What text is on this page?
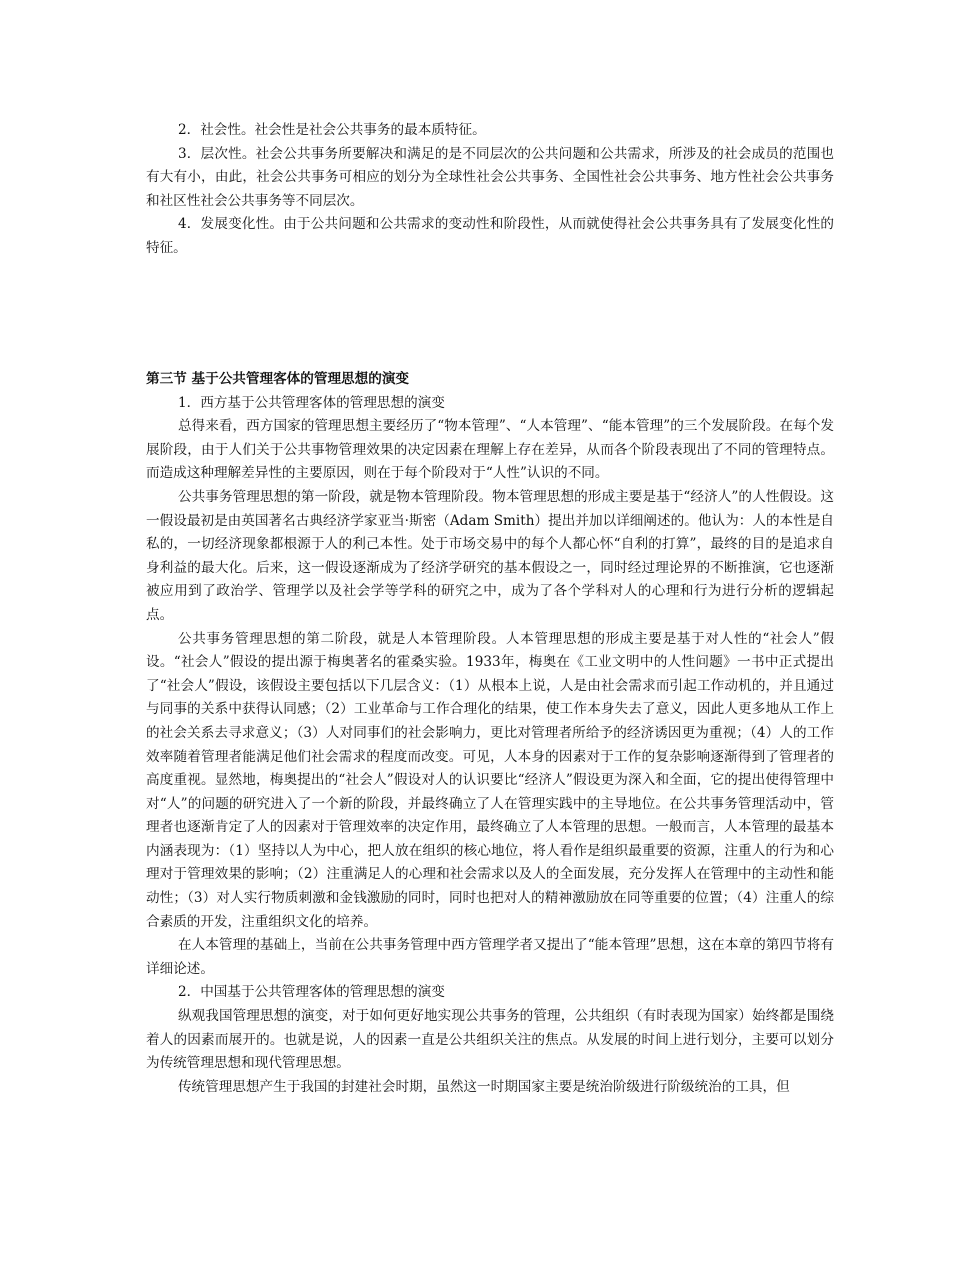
2．社会性。社会性是社会公共事务的最本质特征。

3．层次性。社会公共事务所要解决和满足的是不同层次的公共问题和公共需求，所涉及的社会成员的范围也有大有小，由此，社会公共事务可相应的划分为全球性社会公共事务、全国性社会公共事务、地方性社会公共事务和社区性社会公共事务等不同层次。

4．发展变化性。由于公共问题和公共需求的变动性和阶段性，从而就使得社会公共事务具有了发展变化性的特征。

第三节 基于公共管理客体的管理思想的演变

1．西方基于公共管理客体的管理思想的演变

总得来看，西方国家的管理思想主要经历了“物本管理”、“人本管理”、“能本管理”的三个发展阶段。在每个发展阶段，由于人们关于公共事物管理效果的决定因素在理解上存在差异，从而各个阶段表现出了不同的管理特点。而造成这种理解差异性的主要原因，则在于每个阶段对于“人性”认识的不同。

公共事务管理思想的第一阶段，就是物本管理阶段。物本管理思想的形成主要是基于“经济人”的人性假设。这一假设最初是由英国著名古典经济学家亚当·斯密（Adam Smith）提出并加以详细阐述的。他认为：人的本性是自私的，一切经济现象都根源于人的利己本性。处于市场交易中的每个人都心怀“自利的打算”，最终的目的是追求自身利益的最大化。后来，这一假设逐渐成为了经济学研究的基本假设之一，同时经过理论界的不断推演，它也逐渐被应用到了政治学、管理学以及社会学等学科的研究之中，成为了各个学科对人的心理和行为进行分析的逻辑起点。

公共事务管理思想的第二阶段，就是人本管理阶段。人本管理思想的形成主要是基于对人性的“社会人”假设。“社会人”假设的提出源于梅奥著名的霍桑实验。1933年，梅奥在《工业文明中的人性问题》一书中正式提出了“社会人”假设，该假设主要包括以下几层含义：（1）从根本上说，人是由社会需求而引起工作动机的，并且通过与同事的关系中获得认同感；（2）工业革命与工作合理化的结果，使工作本身失去了意义，因此人更多地从工作上的社会关系去寻求意义；（3）人对同事们的社会影响力，更比对管理者所给予的经济诱因更为重视；（4）人的工作效率随着管理者能满足他们社会需求的程度而改变。可见，人本身的因素对于工作的复杂影响逐渐得到了管理者的高度重视。显然地，梅奥提出的“社会人”假设对人的认识要比“经济人”假设更为深入和全面，它的提出使得管理中对“人”的问题的研究进入了一个新的阶段，并最终确立了人在管理实践中的主导地位。在公共事务管理活动中，管理者也逐渐肯定了人的因素对于管理效率的决定作用，最终确立了人本管理的思想。一般而言，人本管理的最基本内涵表现为：（1）坚持以人为中心，把人放在组织的核心地位，将人看作是组织最重要的资源，注重人的行为和心理对于管理效果的影响；（2）注重满足人的心理和社会需求以及人的全面发展，充分发挥人在管理中的主动性和能动性；（3）对人实行物质刺激和金钱激励的同时，同时也把对人的精神激励放在同等重要的位置；（4）注重人的综合素质的开发，注重组织文化的培养。

在人本管理的基础上，当前在公共事务管理中西方管理学者又提出了“能本管理”思想，这在本章的第四节将有详细论述。

2．中国基于公共管理客体的管理思想的演变

纵观我国管理思想的演变，对于如何更好地实现公共事务的管理，公共组织（有时表现为国家）始终都是围绕着人的因素而展开的。也就是说，人的因素一直是公共组织关注的焦点。从发展的时间上进行划分，主要可以划分为传统管理思想和现代管理思想。

传统管理思想产生于我国的封建社会时期，虽然这一时期国家主要是统治阶级进行阶级统治的工具，但
